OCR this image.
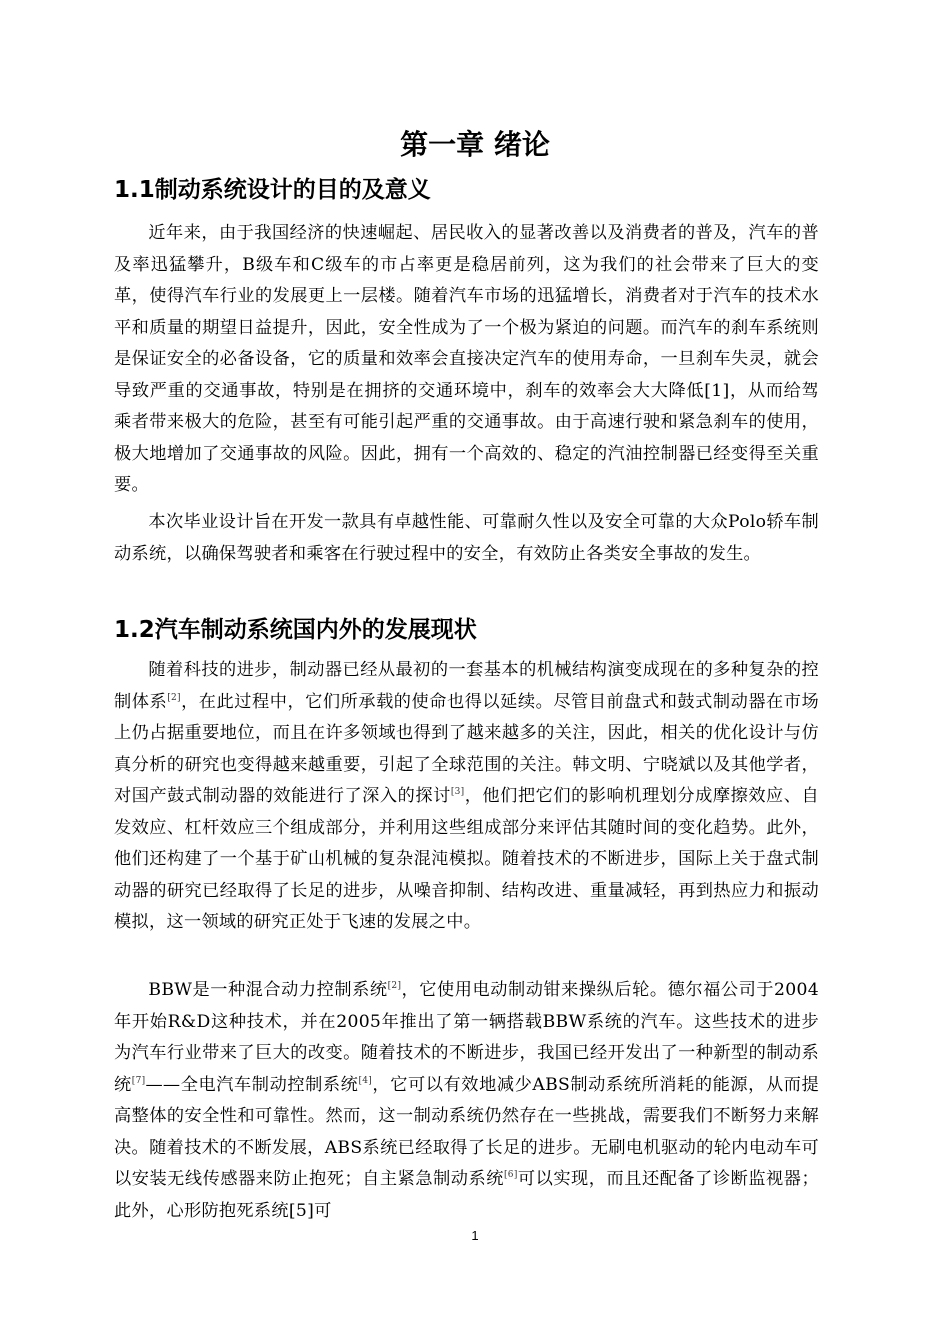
第一章 绪论
1.1制动系统设计的目的及意义

近年来，由于我国经济的快速崛起、居民收入的显著改善以及消费者的普及，汽车的普及率迅猛攀升，B级车和C级车的市占率更是稳居前列，这为我们的社会带来了巨大的变革，使得汽车行业的发展更上一层楼。随着汽车市场的迅猛增长，消费者对于汽车的技术水平和质量的期望日益提升，因此，安全性成为了一个极为紧迫的问题。而汽车的刹车系统则是保证安全的必备设备，它的质量和效率会直接决定汽车的使用寿命，一旦刹车失灵，就会导致严重的交通事故，特别是在拥挤的交通环境中，刹车的效率会大大降低[1]，从而给驾乘者带来极大的危险，甚至有可能引起严重的交通事故。由于高速行驶和紧急刹车的使用，极大地增加了交通事故的风险。因此，拥有一个高效的、稳定的汽油控制器已经变得至关重要。

本次毕业设计旨在开发一款具有卓越性能、可靠耐久性以及安全可靠的大众Polo轿车制动系统，以确保驾驶者和乘客在行驶过程中的安全，有效防止各类安全事故的发生。

1.2汽车制动系统国内外的发展现状

随着科技的进步，制动器已经从最初的一套基本的机械结构演变成现在的多种复杂的控制体系[2]，在此过程中，它们所承载的使命也得以延续。尽管目前盘式和鼓式制动器在市场上仍占据重要地位，而且在许多领域也得到了越来越多的关注，因此，相关的优化设计与仿真分析的研究也变得越来越重要，引起了全球范围的关注。韩文明、宁晓斌以及其他学者，对国产鼓式制动器的效能进行了深入的探讨[3]，他们把它们的影响机理划分成摩擦效应、自发效应、杠杆效应三个组成部分，并利用这些组成部分来评估其随时间的变化趋势。此外，他们还构建了一个基于矿山机械的复杂混沌模拟。随着技术的不断进步，国际上关于盘式制动器的研究已经取得了长足的进步，从噪音抑制、结构改进、重量减轻，再到热应力和振动模拟，这一领域的研究正处于飞速的发展之中。

BBW是一种混合动力控制系统[2]，它使用电动制动钳来操纵后轮。德尔福公司于2004年开始R&D这种技术，并在2005年推出了第一辆搭载BBW系统的汽车。这些技术的进步为汽车行业带来了巨大的改变。随着技术的不断进步，我国已经开发出了一种新型的制动系统[7]——全电汽车制动控制系统[4]，它可以有效地减少ABS制动系统所消耗的能源，从而提高整体的安全性和可靠性。然而，这一制动系统仍然存在一些挑战，需要我们不断努力来解决。随着技术的不断发展，ABS系统已经取得了长足的进步。无刷电机驱动的轮内电动车可以安装无线传感器来防止抱死；自主紧急制动系统[6]可以实现，而且还配备了诊断监视器；此外，心形防抱死系统[5]可

1
